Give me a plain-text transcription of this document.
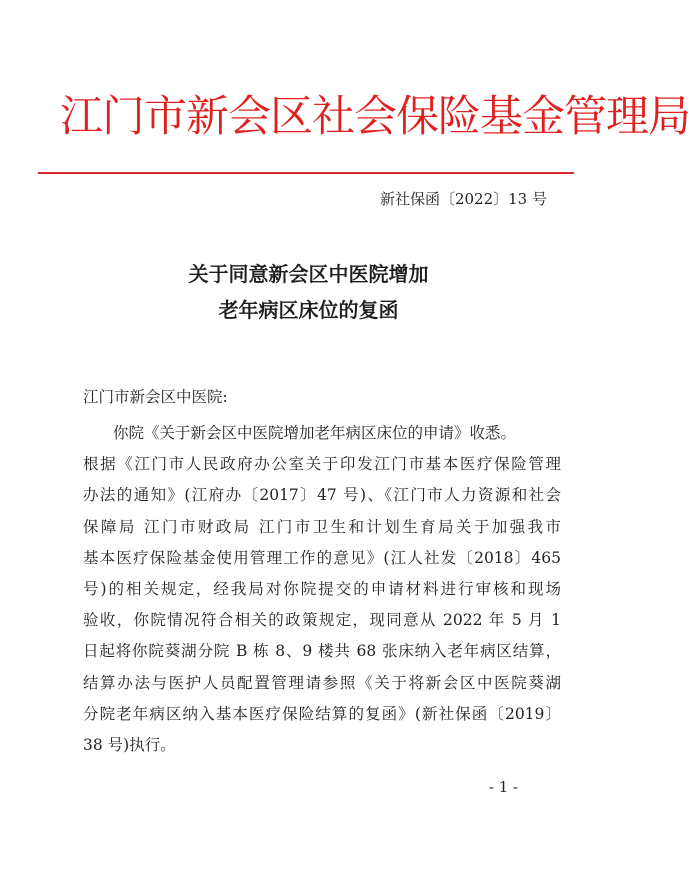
江门市新会区社会保险基金管理局
新社保函〔2022〕13 号
关于同意新会区中医院增加
老年病区床位的复函
江门市新会区中医院:
你院《关于新会区中医院增加老年病区床位的申请》收悉。
根据《江门市人民政府办公室关于印发江门市基本医疗保险管理
办法的通知》(江府办〔2017〕47 号)、《江门市人力资源和社会
保障局 江门市财政局 江门市卫生和计划生育局关于加强我市
基本医疗保险基金使用管理工作的意见》(江人社发〔2018〕465
号)的相关规定，经我局对你院提交的申请材料进行审核和现场
验收，你院情况符合相关的政策规定，现同意从 2022 年 5 月 1
日起将你院葵湖分院 B 栋 8、9 楼共 68 张床纳入老年病区结算，
结算办法与医护人员配置管理请参照《关于将新会区中医院葵湖
分院老年病区纳入基本医疗保险结算的复函》(新社保函〔2019〕
38 号)执行。
- 1 -
